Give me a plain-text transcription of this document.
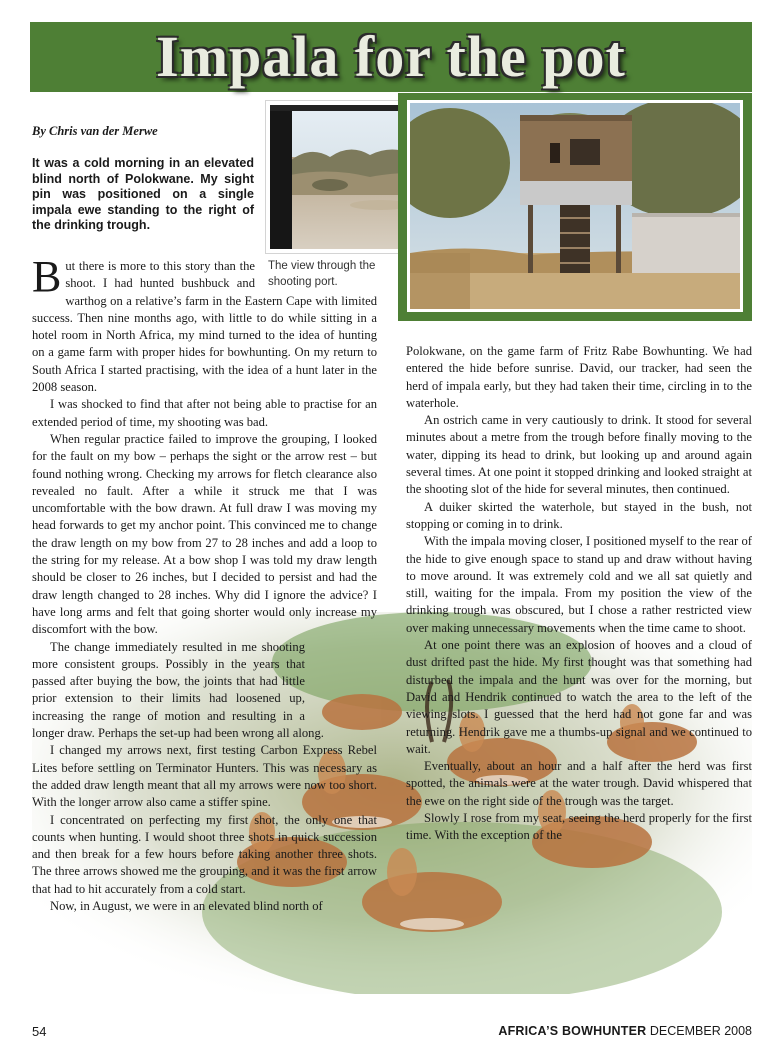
Impala for the pot
By Chris van der Merwe
It was a cold morning in an elevated blind north of Polokwane. My sight pin was positioned on a single impala ewe standing to the right of the drinking trough.
The view through the shooting port.
B ut there is more to this story than the shoot. I had hunted bushbuck and warthog on a relative’s farm in the Eastern Cape with limited success. Then nine months ago, with little to do while sitting in a hotel room in North Africa, my mind turned to the idea of hunting on a game farm with proper hides for bowhunting. On my return to South Africa I started practising, with the idea of a hunt later in the 2008 season.

I was shocked to find that after not being able to practise for an extended period of time, my shooting was bad.

When regular practice failed to improve the grouping, I looked for the fault on my bow – perhaps the sight or the arrow rest – but found nothing wrong. Checking my arrows for fletch clearance also revealed no fault. After a while it struck me that I was uncomfortable with the bow drawn. At full draw I was moving my head forwards to get my anchor point. This convinced me to change the draw length on my bow from 27 to 28 inches and add a loop to the string for my release. At a bow shop I was told my draw length should be closer to 26 inches, but I decided to persist and had the draw length changed to 28 inches. Why did I ignore the advice? I have long arms and felt that going shorter would only increase my discomfort with the bow.

The change immediately resulted in me shooting more consistent groups. Possibly in the years that passed after buying the bow, the joints that had little prior extension to their limits had loosened up, increasing the range of motion and resulting in a longer draw. Perhaps the set-up had been wrong all along.

I changed my arrows next, first testing Carbon Express Rebel Lites before settling on Terminator Hunters. This was necessary as the added draw length meant that all my arrows were now too short. With the longer arrow also came a stiffer spine.

I concentrated on perfecting my first shot, the only one that counts when hunting. I would shoot three shots in quick succession and then break for a few hours before taking another three shots. The three arrows showed me the grouping, and it was the first arrow that had to hit accurately from a cold start.

Now, in August, we were in an elevated blind north of

Polokwane, on the game farm of Fritz Rabe Bowhunting. We had entered the hide before sunrise. David, our tracker, had seen the herd of impala early, but they had taken their time, circling in to the waterhole.

An ostrich came in very cautiously to drink. It stood for several minutes about a metre from the trough before finally moving to the water, dipping its head to drink, but looking up and around again several times. At one point it stopped drinking and looked straight at the shooting slot of the hide for several minutes, then continued.

A duiker skirted the waterhole, but stayed in the bush, not stopping or coming in to drink.

With the impala moving closer, I positioned myself to the rear of the hide to give enough space to stand up and draw without having to move around. It was extremely cold and we all sat quietly and still, waiting for the impala. From my position the view of the drinking trough was obscured, but I chose a rather restricted view over making unnecessary movements when the time came to shoot.

At one point there was an explosion of hooves and a cloud of dust drifted past the hide. My first thought was that something had disturbed the impala and the hunt was over for the morning, but David and Hendrik continued to watch the area to the left of the viewing slots. I guessed that the herd had not gone far and was returning. Hendrik gave me a thumbs-up signal and we continued to wait.

Eventually, about an hour and a half after the herd was first spotted, the animals were at the water trough. David whispered that the ewe on the right side of the trough was the target.

Slowly I rose from my seat, seeing the herd properly for the first time. With the exception of the

54	AFRICA’S BOWHUNTER DECEMBER 2008
